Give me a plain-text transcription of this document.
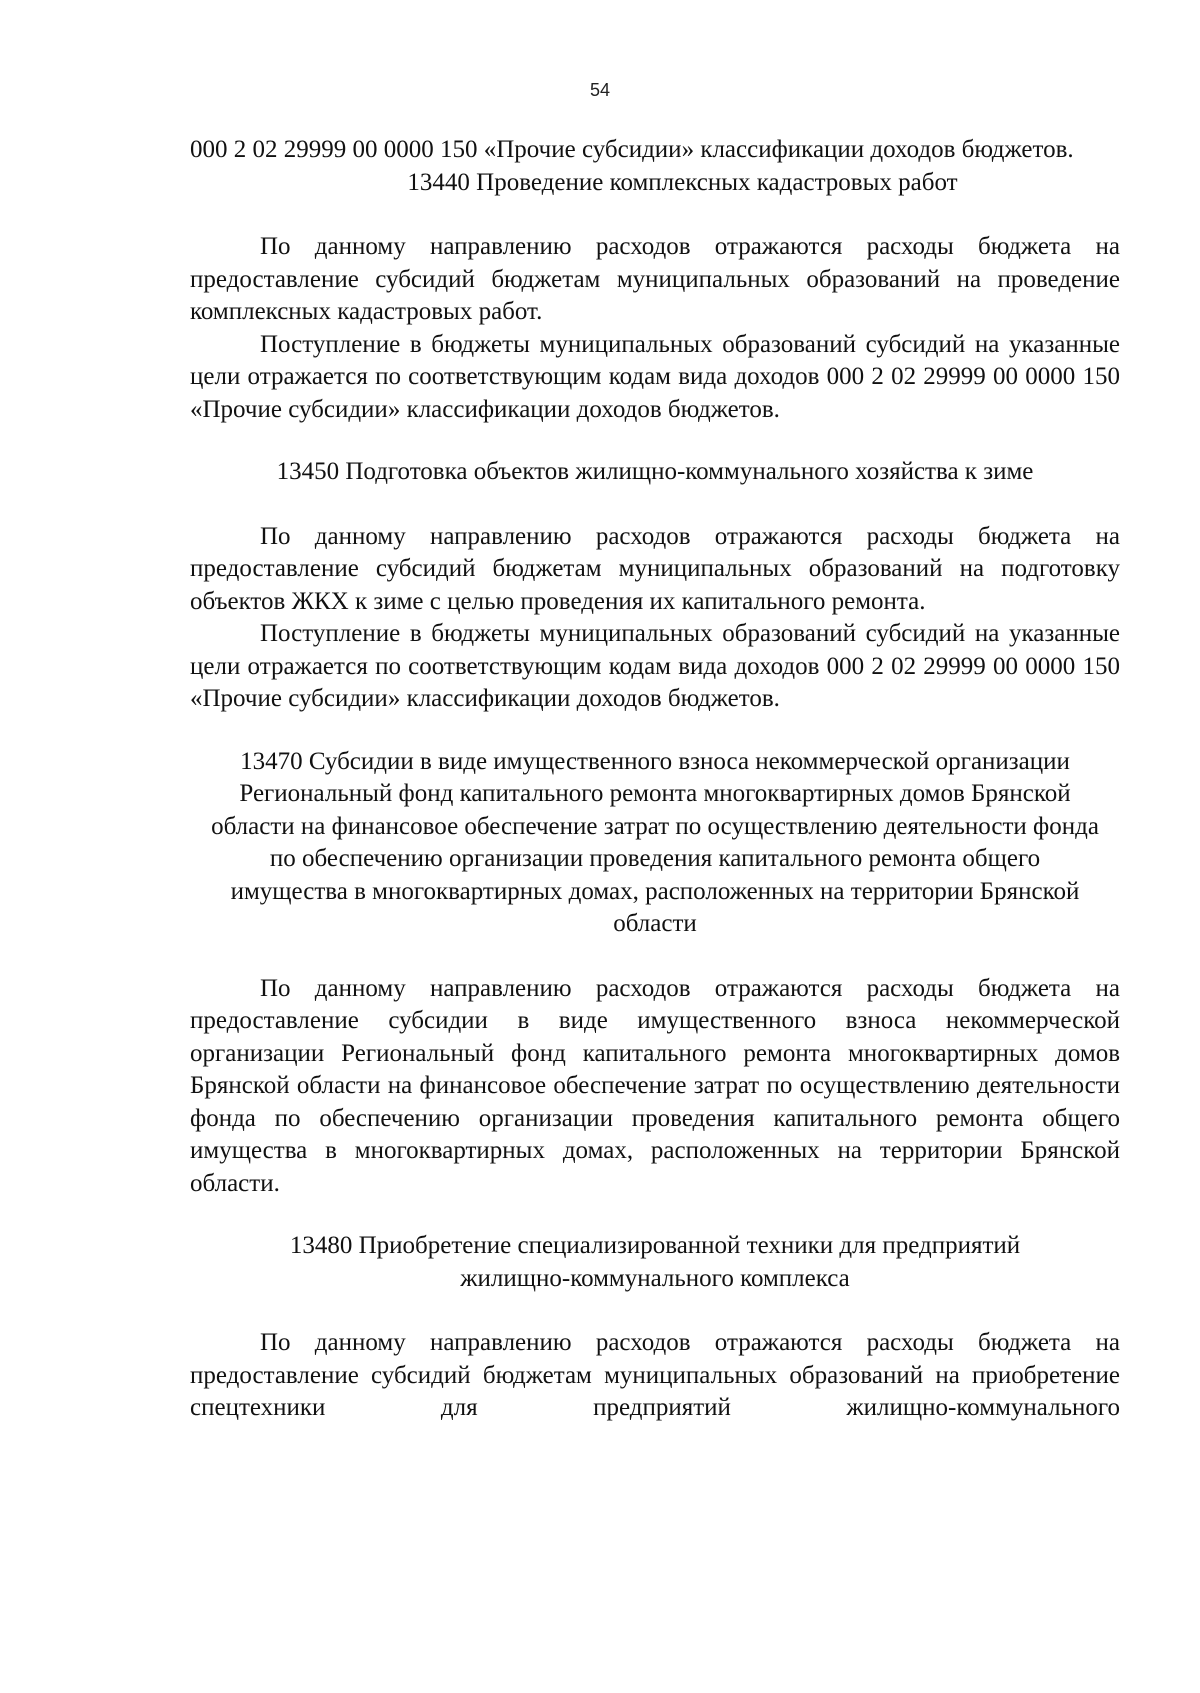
54

000 2 02 29999 00 0000 150 «Прочие субсидии» классификации доходов бюджетов.

13440 Проведение комплексных кадастровых работ

По данному направлению расходов отражаются расходы бюджета на предоставление субсидий бюджетам муниципальных образований на проведение комплексных кадастровых работ.

Поступление в бюджеты муниципальных образований субсидий на указанные цели отражается по соответствующим кодам вида доходов 000 2 02 29999 00 0000 150 «Прочие субсидии» классификации доходов бюджетов.

13450 Подготовка объектов жилищно-коммунального хозяйства к зиме

По данному направлению расходов отражаются расходы бюджета на предоставление субсидий бюджетам муниципальных образований на подготовку объектов ЖКХ к зиме с целью проведения их капитального ремонта.

Поступление в бюджеты муниципальных образований субсидий на указанные цели отражается по соответствующим кодам вида доходов 000 2 02 29999 00 0000 150 «Прочие субсидии» классификации доходов бюджетов.

13470 Субсидии в виде имущественного взноса некоммерческой организации Региональный фонд капитального ремонта многоквартирных домов Брянской области на финансовое обеспечение затрат по осуществлению деятельности фонда по обеспечению организации проведения капитального ремонта общего имущества в многоквартирных домах, расположенных на территории Брянской области

По данному направлению расходов отражаются расходы бюджета на предоставление субсидии в виде имущественного взноса некоммерческой организации Региональный фонд капитального ремонта многоквартирных домов Брянской области на финансовое обеспечение затрат по осуществлению деятельности фонда по обеспечению организации проведения капитального ремонта общего имущества в многоквартирных домах, расположенных на территории Брянской области.

13480 Приобретение специализированной техники для предприятий жилищно-коммунального комплекса

По данному направлению расходов отражаются расходы бюджета на предоставление субсидий бюджетам муниципальных образований на приобретение спецтехники для предприятий жилищно-коммунального
